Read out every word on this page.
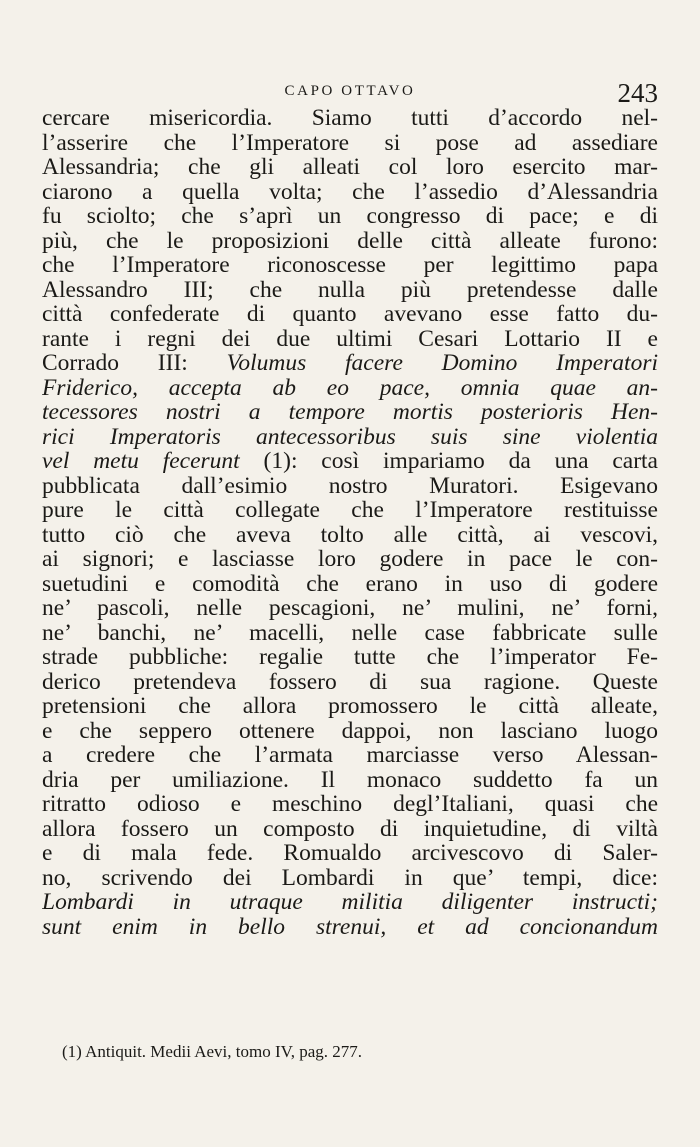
CAPO OTTAVO	243
cercare misericordia. Siamo tutti d’accordo nel-
l’asserire che l’Imperatore si pose ad assediare
Alessandria; che gli alleati col loro esercito mar-
ciarono a quella volta; che l’assedio d’Alessandria
fu sciolto; che s’aprì un congresso di pace; e di
più, che le proposizioni delle città alleate furono:
che l’Imperatore riconoscesse per legittimo papa
Alessandro III; che nulla più pretendesse dalle
città confederate di quanto avevano esse fatto du-
rante i regni dei due ultimi Cesari Lottario II e
Corrado III: Volumus facere Domino Imperatori
Friderico, accepta ab eo pace, omnia quae an-
tecessores nostri a tempore mortis posterioris Hen-
rici Imperatoris antecessoribus suis sine violentia
vel metu fecerunt (1): così impariamo da una carta
pubblicata dall’esimio nostro Muratori. Esigevano
pure le città collegate che l’Imperatore restituisse
tutto ciò che aveva tolto alle città, ai vescovi,
ai signori; e lasciasse loro godere in pace le con-
suetudini e comodità che erano in uso di godere
ne’ pascoli, nelle pescagioni, ne’ mulini, ne’ forni,
ne’ banchi, ne’ macelli, nelle case fabbricate sulle
strade pubbliche: regalie tutte che l’imperator Fe-
derico pretendeva fossero di sua ragione. Queste
pretensioni che allora promossero le città alleate,
e che seppero ottenere dappoi, non lasciano luogo
a credere che l’armata marciasse verso Alessan-
dria per umiliazione. Il monaco suddetto fa un
ritratto odioso e meschino degl’Italiani, quasi che
allora fossero un composto di inquietudine, di viltà
e di mala fede. Romualdo arcivescovo di Saler-
no, scrivendo dei Lombardi in que’ tempi, dice:
Lombardi in utraque militia diligenter instructi;
sunt enim in bello strenui, et ad concionandum
(1) Antiquit. Medii Aevi, tomo IV, pag. 277.
